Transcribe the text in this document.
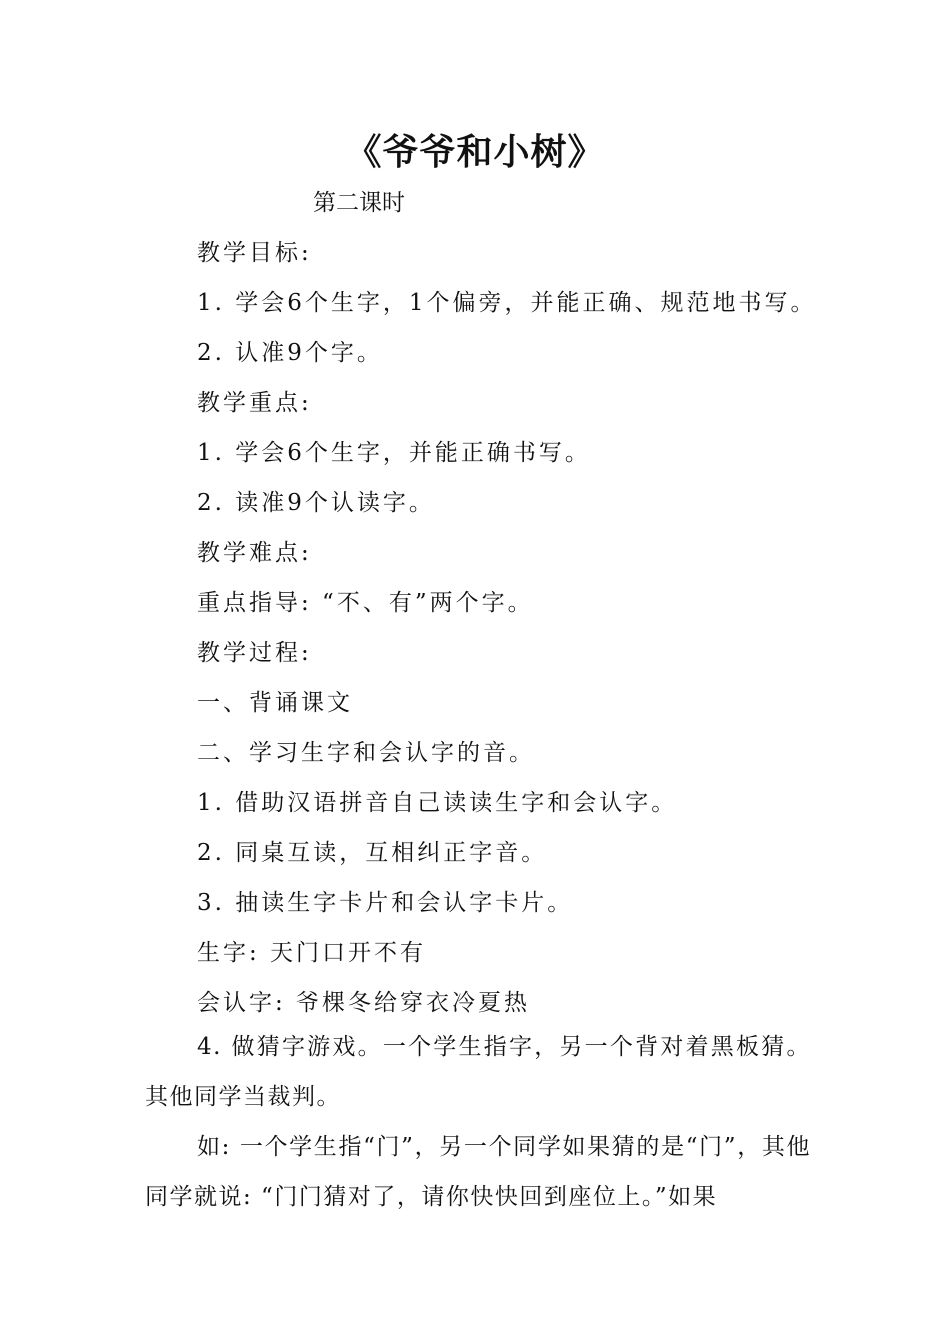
《爷爷和小树》
第二课时
教学目标:
1. 学会6个生字，1个偏旁，并能正确、规范地书写。
2. 认准9个字。
教学重点:
1. 学会6个生字，并能正确书写。
2. 读准9个认读字。
教学难点:
重点指导: “不、有”两个字。
教学过程:
一、背诵课文
二、学习生字和会认字的音。
1. 借助汉语拼音自己读读生字和会认字。
2. 同桌互读，互相纠正字音。
3. 抽读生字卡片和会认字卡片。
生字: 天门口开不有
会认字: 爷棵冬给穿衣冷夏热
4. 做猜字游戏。一个学生指字，另一个背对着黑板猜。其他同学当裁判。
如: 一个学生指“门”，另一个同学如果猜的是“门”，其他同学就说: “门门猜对了，请你快快回到座位上。”如果
